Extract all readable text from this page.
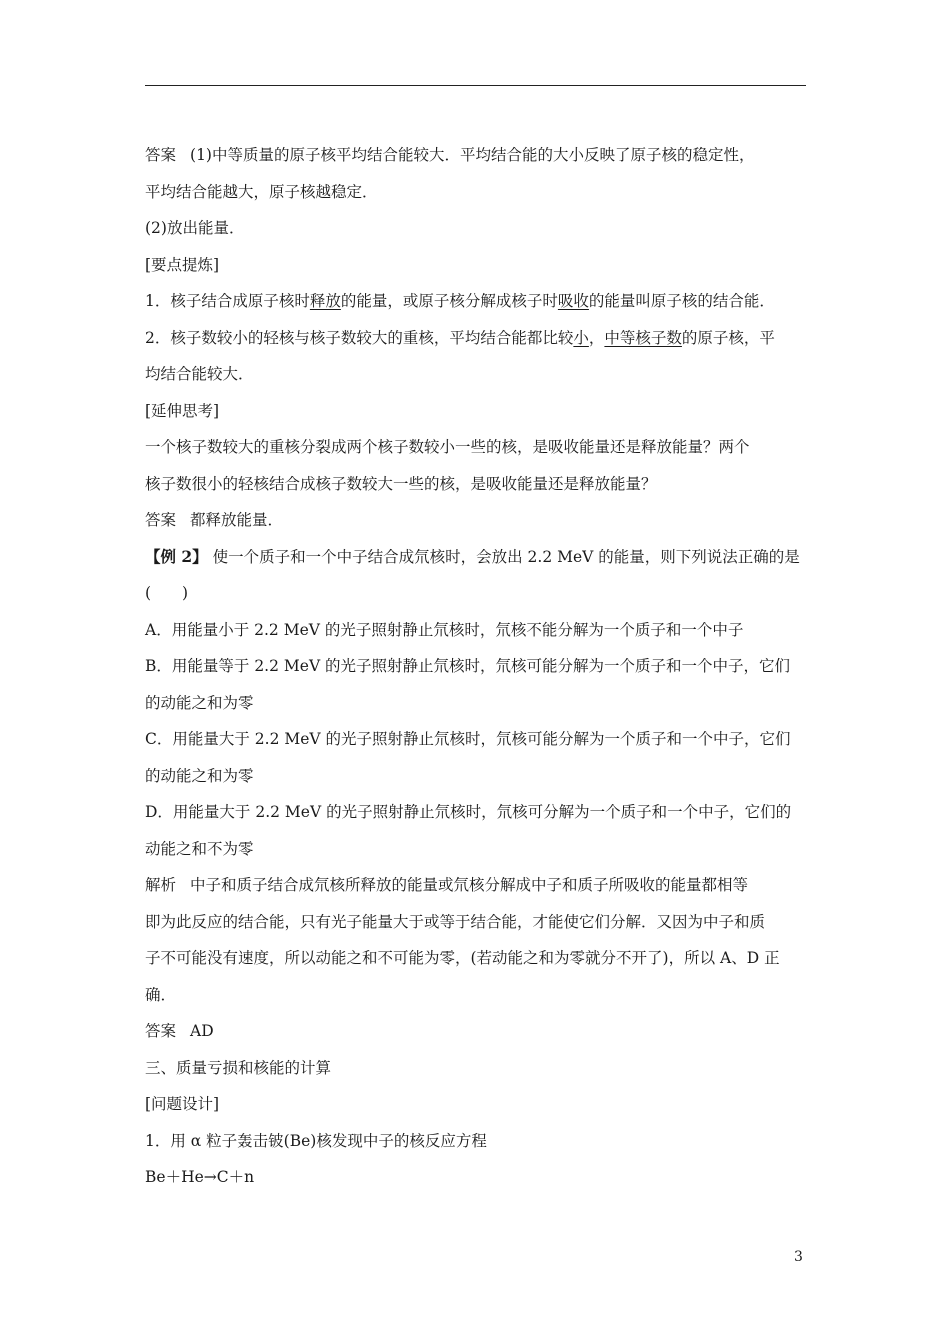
答案 (1)中等质量的原子核平均结合能较大．平均结合能的大小反映了原子核的稳定性，

平均结合能越大，原子核越稳定．

(2)放出能量．

[要点提炼]

1．核子结合成原子核时释放的能量，或原子核分解成核子时吸收的能量叫原子核的结合能．

2．核子数较小的轻核与核子数较大的重核，平均结合能都比较小，中等核子数的原子核，平

均结合能较大．

[延伸思考]

一个核子数较大的重核分裂成两个核子数较小一些的核，是吸收能量还是释放能量？两个

核子数很小的轻核结合成核子数较大一些的核，是吸收能量还是释放能量？

答案 都释放能量．

【例 2】 使一个质子和一个中子结合成氘核时，会放出 2.2 MeV 的能量，则下列说法正确的是

(　　)

A．用能量小于 2.2 MeV 的光子照射静止氘核时，氘核不能分解为一个质子和一个中子

B．用能量等于 2.2 MeV 的光子照射静止氘核时，氘核可能分解为一个质子和一个中子，它们

的动能之和为零

C．用能量大于 2.2 MeV 的光子照射静止氘核时，氘核可能分解为一个质子和一个中子，它们

的动能之和为零

D．用能量大于 2.2 MeV 的光子照射静止氘核时，氘核可分解为一个质子和一个中子，它们的

动能之和不为零

解析 中子和质子结合成氘核所释放的能量或氘核分解成中子和质子所吸收的能量都相等

即为此反应的结合能，只有光子能量大于或等于结合能，才能使它们分解．又因为中子和质

子不可能没有速度，所以动能之和不可能为零，(若动能之和为零就分不开了)，所以 A、D 正

确．

答案 AD

三、质量亏损和核能的计算

[问题设计]

1．用 α 粒子轰击铍(Be)核发现中子的核反应方程

Be＋He→C＋n

3
